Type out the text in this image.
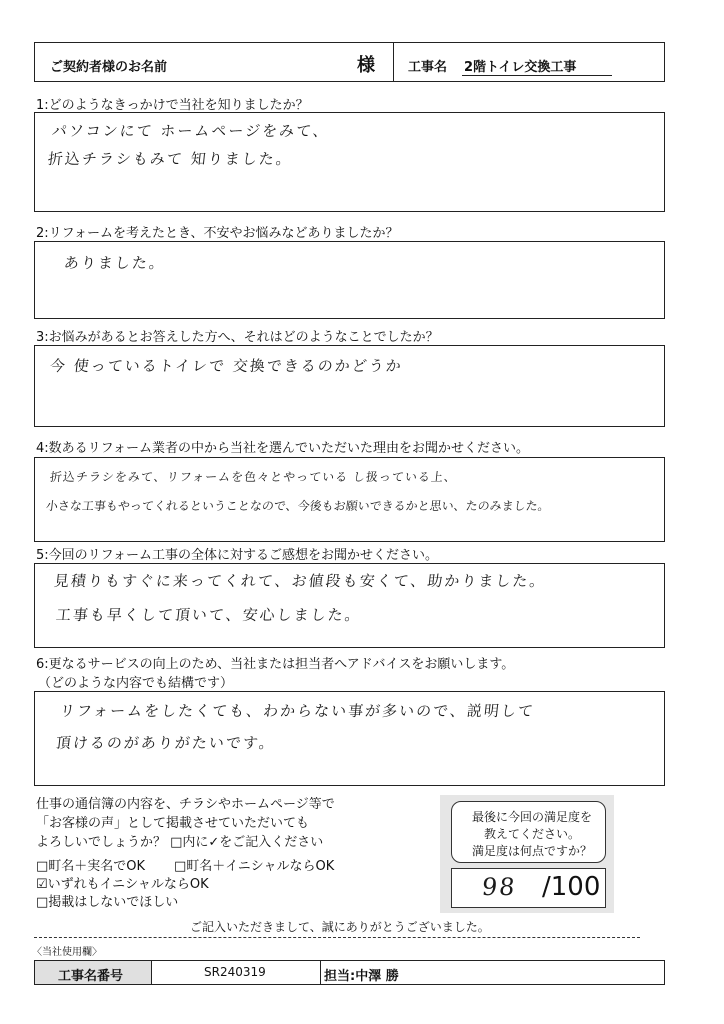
ご契約者様のお名前	様	工事名 2階トイレ交換工事
1:どのようなきっかけで当社を知りましたか？
パソコンにて ホームページをみて、
折込チラシもみて 知りました。
2:リフォームを考えたとき、不安やお悩みなどありましたか？
ありました。
3:お悩みがあるとお答えした方へ、それはどのようなことでしたか？
今 使っているトイレで 交換できるのかどうか
4:数あるリフォーム業者の中から当社を選んでいただいた理由をお聞かせください。
折込チラシをみて、リフォームを色々とやっている し扱っている上、
小さな工事もやってくれるということなので、今後もお願いできるかと思い、たのみました。
5:今回のリフォーム工事の全体に対するご感想をお聞かせください。
見積りもすぐに来ってくれて、お値段も安くて、助かりました。
工事も早くして頂いて、安心しました。
6:更なるサービスの向上のため、当社または担当者へアドバイスをお願いします。
（どのような内容でも結構です）
リフォームをしたくても、わからない事が多いので、説明して
頂けるのがありがたいです。
仕事の通信簿の内容を、チラシやホームページ等で
「お客様の声」として掲載させていただいても
よろしいでしょうか？ □内に✓をご記入ください
□町名＋実名でOK □町名＋イニシャルならOK
☑いずれもイニシャルならOK
□掲載はしないでほしい
最後に今回の満足度を
教えてください。
満足度は何点ですか？
98 /100
ご記入いただきまして、誠にありがとうございました。
〈当社使用欄〉
工事名番号	SR240319	担当:中澤 勝
